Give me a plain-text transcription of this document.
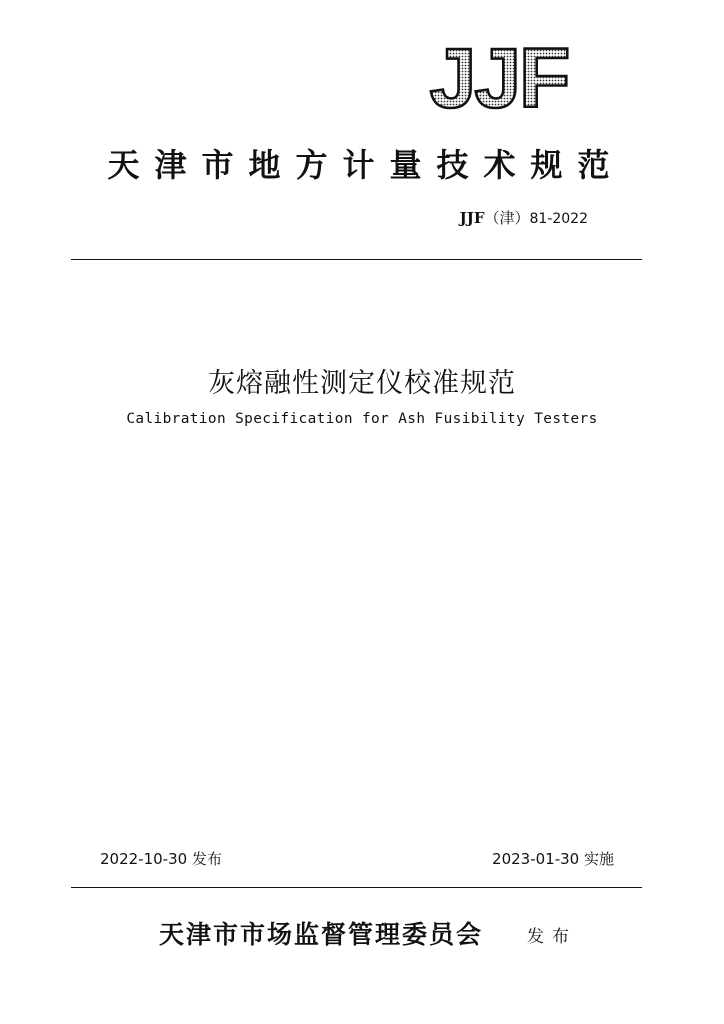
JJF
天津市地方计量技术规范
JJF（津）81-2022
灰熔融性测定仪校准规范
Calibration Specification for Ash Fusibility Testers
2022-10-30 发布	2023-01-30 实施
天津市市场监督管理委员会	发布
